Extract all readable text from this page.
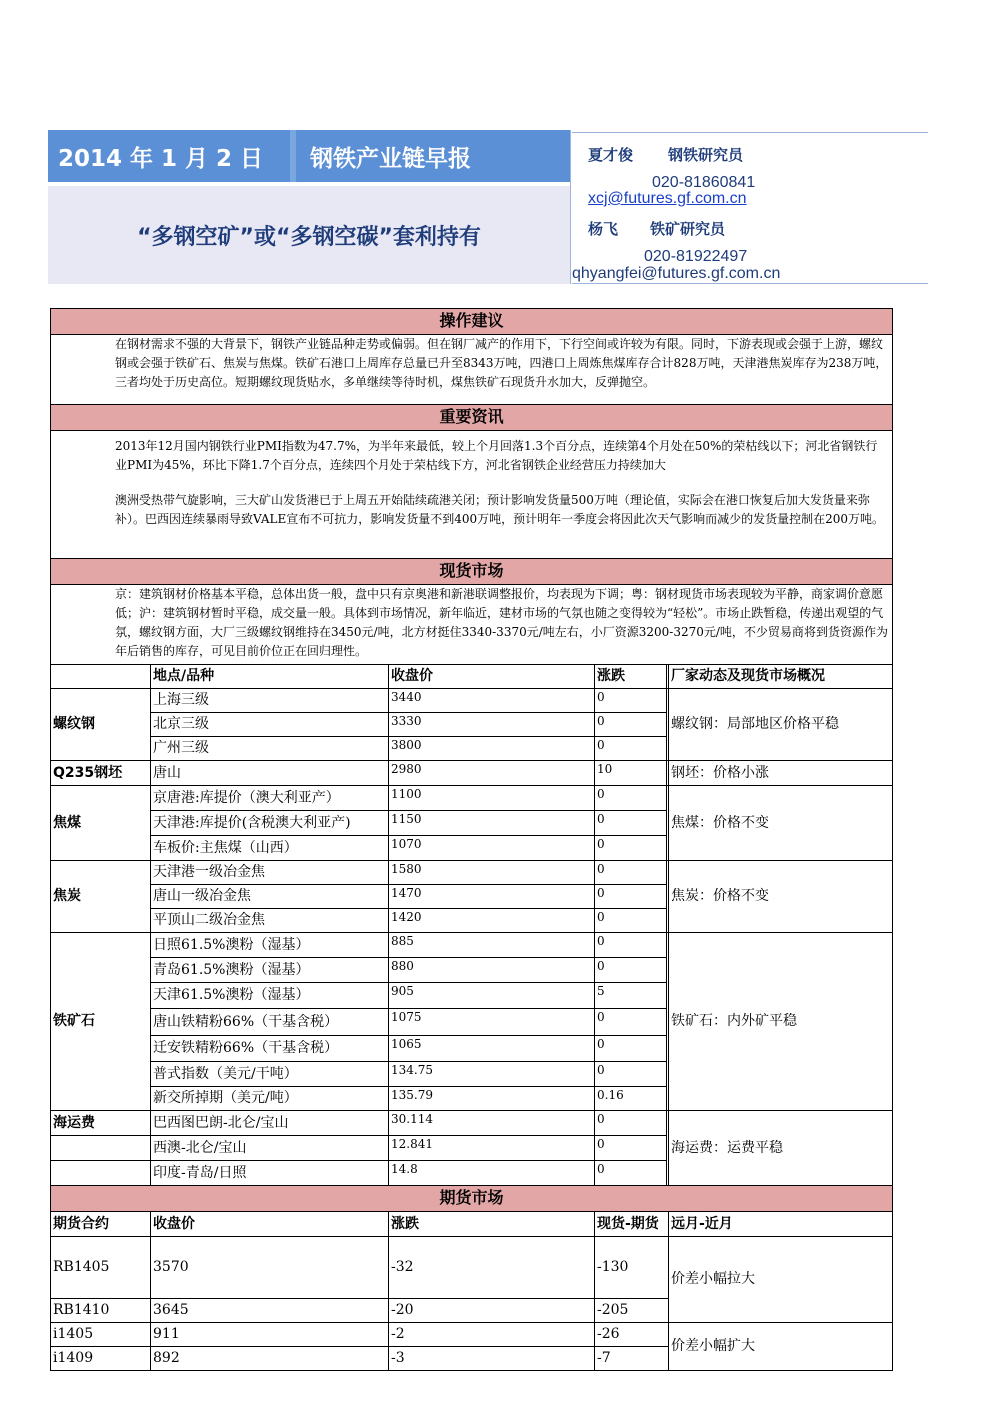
2014 年 1 月 2 日 钢铁产业链早报
“多钢空矿”或“多钢空碳”套利持有
夏才俊 钢铁研究员
020-81860841
xcj@futures.gf.com.cn
杨飞 铁矿研究员
020-81922497
qhyangfei@futures.gf.com.cn
操作建议					

在钢材需求不强的大背景下，钢铁产业链品种走势或偏弱。但在钢厂减产的作用下，下行空间或许较为有限。同时，下游表现或会强于上游，螺纹钢或会强于铁矿石、焦炭与焦煤。铁矿石港口上周库存总量已升至8343万吨，四港口上周炼焦煤库存合计828万吨，天津港焦炭库存为238万吨，三者均处于历史高位。短期螺纹现货贴水，多单继续等待时机，煤焦铁矿石现货升水加大，反弹抛空。					

重要资讯					

2013年12月国内钢铁行业PMI指数为47.7%，为半年来最低，较上个月回落1.3个百分点，连续第4个月处在50%的荣枯线以下；河北省钢铁行业PMI为45%，环比下降1.7个百分点，连续四个月处于荣枯线下方，河北省钢铁企业经营压力持续加大
澳洲受热带气旋影响，三大矿山发货港已于上周五开始陆续疏港关闭；预计影响发货量500万吨（理论值，实际会在港口恢复后加大发货量来弥补）。巴西因连续暴雨导致VALE宣布不可抗力，影响发货量不到400万吨，预计明年一季度会将因此次天气影响而减少的发货量控制在200万吨。					

现货市场					

京：建筑钢材价格基本平稳，总体出货一般，盘中只有京奥港和新港联调整报价，均表现为下调；粤：钢材现货市场表现较为平静，商家调价意愿低；沪：建筑钢材暂时平稳，成交量一般。具体到市场情况，新年临近，建材市场的气氛也随之变得较为“轻松”。市场止跌暂稳，传递出观望的气氛，螺纹钢方面，大厂三级螺纹钢维持在3450元/吨，北方材挺住3340-3370元/吨左右，小厂资源3200-3270元/吨，不少贸易商将到货资源作为年后销售的库存，可见目前价位正在回归理性。					

	地点/品种	收盘价	涨跌		厂家动态及现货市场概况
螺纹钢	上海三级	3440	0		螺纹钢：局部地区价格平稳
	北京三级	3330	0		
	广州三级	3800	0		
Q235钢坯	唐山	2980	10		钢坯：价格小涨
焦煤	京唐港:库提价（澳大利亚产）	1100	0		焦煤：价格不变
	天津港:库提价(含税澳大利亚产)	1150	0		
	车板价:主焦煤（山西）	1070	0		
焦炭	天津港一级冶金焦	1580	0		焦炭：价格不变
	唐山一级冶金焦	1470	0		
	平顶山二级冶金焦	1420	0		
铁矿石	日照61.5%澳粉（湿基）	885	0		铁矿石：内外矿平稳
	青岛61.5%澳粉（湿基）	880	0		
	天津61.5%澳粉（湿基）	905	5		
	唐山铁精粉66%（干基含税）	1075	0		
	迁安铁精粉66%（干基含税）	1065	0		
	普式指数（美元/干吨）	134.75	0		
	新交所掉期（美元/吨）	135.79	0.16		
海运费	巴西图巴朗-北仑/宝山	30.114	0		海运费：运费平稳
	西澳-北仑/宝山	12.841	0		
	印度-青岛/日照	14.8	0		
期货市场					
期货合约	收盘价	涨跌	现货-期货		远月-近月
RB1405	3570	-32	-130		价差小幅拉大
RB1410	3645	-20	-205		
i1405	911	-2	-26		价差小幅扩大
i1409	892	-3	-7		
